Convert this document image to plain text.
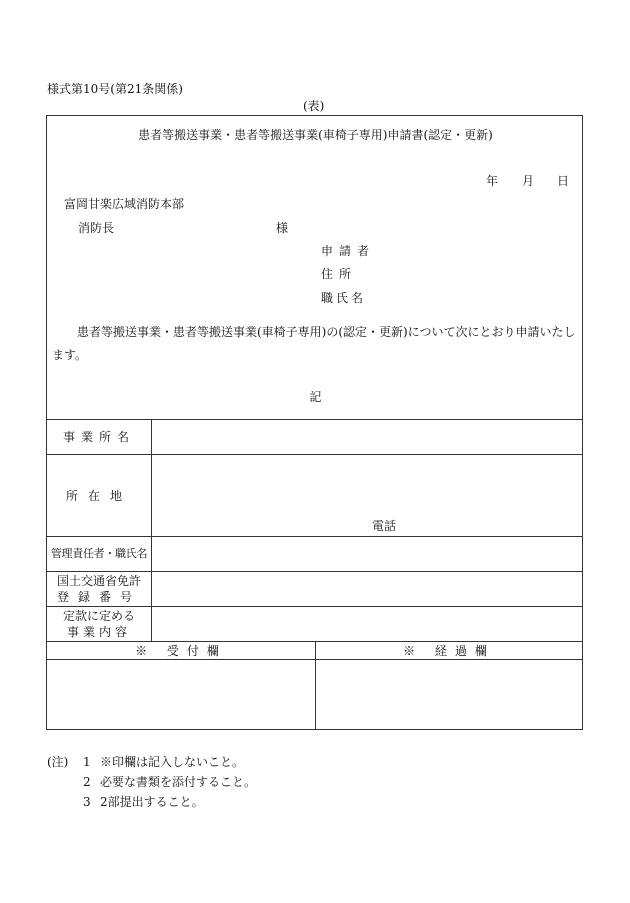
様式第10号(第21条関係)
(表)
患者等搬送事業・患者等搬送事業(車椅子専用)申請書(認定・更新)
年 月 日
富岡甘楽広域消防本部
消防長	様
申請者
住所
職氏名
患者等搬送事業・患者等搬送事業(車椅子専用)の(認定・更新)について次にとおり申請いたします。
記
事業所名	
所在地	電話

管理責任者・職氏名	

国土交通省免許
登録番号	

定款に定める
事業内容	

※ 受付欄	※ 経過欄

(注) 1 ※印欄は記入しないこと。
2 必要な書類を添付すること。
3 2部提出すること。
